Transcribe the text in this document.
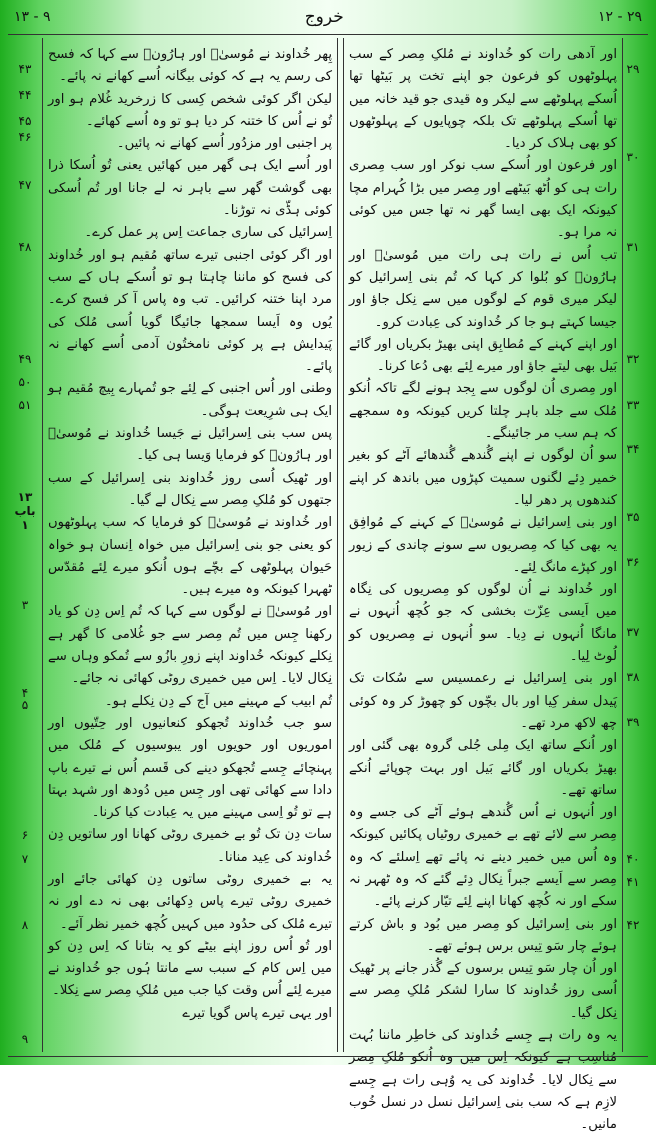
۱۳ - ۹	خروج	۱۲ - ۲۹
۲۹
۳۰
۳۱
۳۲
۳۳
۳۴
۳۵
۳۶
۳۷
۳۸
۳۹
۴۰
۴۱
۴۲
۴۳
۴۴
۴۵
۴۶
۴۷
۴۸
۴۹
۵۰
۵۱
۱۳ باب ۱
۳
۴
۵
۶
۷
۸
۹

اور آدھی رات کو خُداوند نے مُلکِ مِصر کے سب پہلوٹھوں کو فرعون جو اپنے تخت پر بَیٹھا تھا اُسکے پہلوٹھے سے لیکر وہ قیدی جو قید خانہ میں تھا اُسکے پہلوٹھے تک بلکہ چوپایوں کے پہلوٹھوں کو بھی ہلاک کر دیا۔

اور فرعون اور اُسکے سب نوکر اور سب مِصری رات ہی کو اُٹھ بَیٹھے اور مِصر میں بڑا کُہرام مچا کیونکہ ایک بھی ایسا گھر نہ تھا جس میں کوئی نہ مرا ہو۔

تب اُس نے رات ہی رات میں مُوسیٰؔ اور ہارُونؔ کو بُلوا کر کہا کہ تُم بنی اِسرائیل کو لیکر میری قوم کے لوگوں میں سے نِکل جاؤ اور جیسا کہتے ہو جا کر خُداوند کی عِبادت کرو۔

اور اپنے کہنے کے مُطابِق اپنی بھیڑ بکریاں اور گائے بَیل بھی لیتے جاؤ اور میرے لِئے بھی دُعا کرنا۔

اور مِصری اُن لوگوں سے بِجد ہونے لگے تاکہ اُنکو مُلک سے جلد باہر چلتا کریں کیونکہ وہ سمجھے کہ ہم سب مر جائینگے۔

سو اُن لوگوں نے اپنے گُندھے گُندھائے آٹے کو بغیر خمیر دِئے لگنوں سمیت کپڑوں میں باندھ کر اپنے کندھوں پر دھر لیا۔

اور بنی اِسرائیل نے مُوسیٰؔ کے کہنے کے مُوافِق یہ بھی کیا کہ مِصریوں سے سونے چاندی کے زیور اور کپڑے مانگ لِئے۔

اور خُداوند نے اُن لوگوں کو مِصریوں کی نِگاہ میں اَیسی عِزّت بخشی کہ جو کُچھ اُنہوں نے مانگا اُنہوں نے دِیا۔ سو اُنہوں نے مِصریوں کو لُوٹ لِیا۔

اور بنی اِسرائیل نے رعمسیس سے سُکات تک پَیدل سفر کِیا اور بال بچّوں کو چھوڑ کر وہ کوئی چھ لاکھ مرد تھے۔

اور اُنکے ساتھ ایک مِلی جُلی گروہ بھی گئی اور بھیڑ بکریاں اور گائے بَیل اور بہت چوپائے اُنکے ساتھ تھے۔

اور اُنہوں نے اُس گُندھے ہوئے آٹے کی جسے وہ مِصر سے لائے تھے بے خمیری روٹیاں پکائیں کیونکہ وہ اُس میں خمیر دینے نہ پائے تھے اِسلئے کہ وہ مِصر سے اَیسے جبراً نِکال دِئے گئے کہ وہ ٹھہر نہ سکے اور نہ کُچھ کھانا اپنے لِئے تیّار کرنے پائے۔

اور بنی اِسرائیل کو مِصر میں بُود و باش کرتے ہوئے چار سَو تِیس برس ہوئے تھے۔

اور اُن چار سَو تِیس برسوں کے گُذر جانے پر ٹھیک اُسی روز خُداوند کا سارا لشکر مُلکِ مِصر سے نِکل گیا۔

یہ وہ رات ہے جِسے خُداوند کی خاطِر ماننا بُہت مُناسِب ہے کیونکہ اِس میں وہ اُنکو مُلکِ مِصر سے نِکال لایا۔ خُداوند کی یہ وُہی رات ہے جِسے لازِم ہے کہ سب بنی اِسرائیل نسل در نسل خُوب مانیں۔

پِھر خُداوند نے مُوسیٰؔ اور ہارُونؔ سے کہا کہ فسح کی رسم یہ ہے کہ کوئی بیگانہ اُسے کھانے نہ پائے۔

لیکن اگر کوئی شخص کِسی کا زرخرید غُلام ہو اور تُو نے اُس کا ختنہ کر دیا ہو تو وہ اُسے کھائے۔

پر اجنبی اور مزدُور اُسے کھانے نہ پائیں۔

اور اُسے ایک ہی گھر میں کھائیں یعنی تُو اُسکا ذرا بھی گوشت گھر سے باہر نہ لے جانا اور تُم اُسکی کوئی ہڈّی نہ توڑنا۔

اِسرائیل کی ساری جماعت اِس پر عمل کرے۔

اور اگر کوئی اجنبی تیرے ساتھ مُقیم ہو اور خُداوند کی فسح کو ماننا چاہتا ہو تو اُسکے ہاں کے سب مرد اپنا ختنہ کرائیں۔ تب وہ پاس آ کر فسح کرے۔ یُوں وہ اَیسا سمجھا جائیگا گویا اُسی مُلک کی پَیدایش ہے پر کوئی نامختُون آدمی اُسے کھانے نہ پائے۔

وطنی اور اُس اجنبی کے لِئے جو تُمہارے بِیچ مُقیم ہو ایک ہی شرِیعت ہوگی۔

پس سب بنی اِسرائیل نے جَیسا خُداوند نے مُوسیٰؔ اور ہارُونؔ کو فرمایا وَیسا ہی کیا۔

اور ٹھیک اُسی روز خُداوند بنی اِسرائیل کے سب جتھوں کو مُلکِ مِصر سے نِکال لے گیا۔

اور خُداوند نے مُوسیٰؔ کو فرمایا کہ سب پہلوٹھوں کو یعنی جو بنی اِسرائیل میں خواہ اِنسان ہو خواہ حَیوان پہلوٹھی کے بچّے ہوں اُنکو میرے لِئے مُقدّس ٹھہرا کیونکہ وہ میرے ہیں۔

اور مُوسیٰؔ نے لوگوں سے کہا کہ تُم اِس دِن کو یاد رکھنا جِس میں تُم مِصر سے جو غُلامی کا گھر ہے نِکلے کیونکہ خُداوند اپنے زورِ بازُو سے تُمکو وہاں سے نِکال لایا۔ اِس میں خمیری روٹی کھائی نہ جائے۔

تُم ابیب کے مہینے میں آج کے دِن نِکلے ہو۔

سو جب خُداوند تُجھکو کنعانیوں اور حِتّیوں اور اموریوں اور حویوں اور یبوسیوں کے مُلک میں پہنچائے جِسے تُجھکو دینے کی قَسم اُس نے تیرے باپ دادا سے کھائی تھی اور جِس میں دُودھ اور شہد بہتا ہے تو تُو اِسی مہینے میں یہ عِبادت کیا کرنا۔

سات دِن تک تُو بے خمیری روٹی کھانا اور ساتویں دِن خُداوند کی عِید منانا۔

یہ بے خمیری روٹی ساتوں دِن کھائی جائے اور خمیری روٹی تیرے پاس دِکھائی بھی نہ دے اور نہ تیرے مُلک کی حدُود میں کہیں کُچھ خمیر نظر آئے۔

اور تُو اُس روز اپنے بیٹے کو یہ بتانا کہ اِس دِن کو میں اِس کام کے سبب سے مانتا ہُوں جو خُداوند نے میرے لِئے اُس وقت کیا جب میں مُلکِ مِصر سے نِکلا۔

اور یہی تیرے پاس گویا تیرے
